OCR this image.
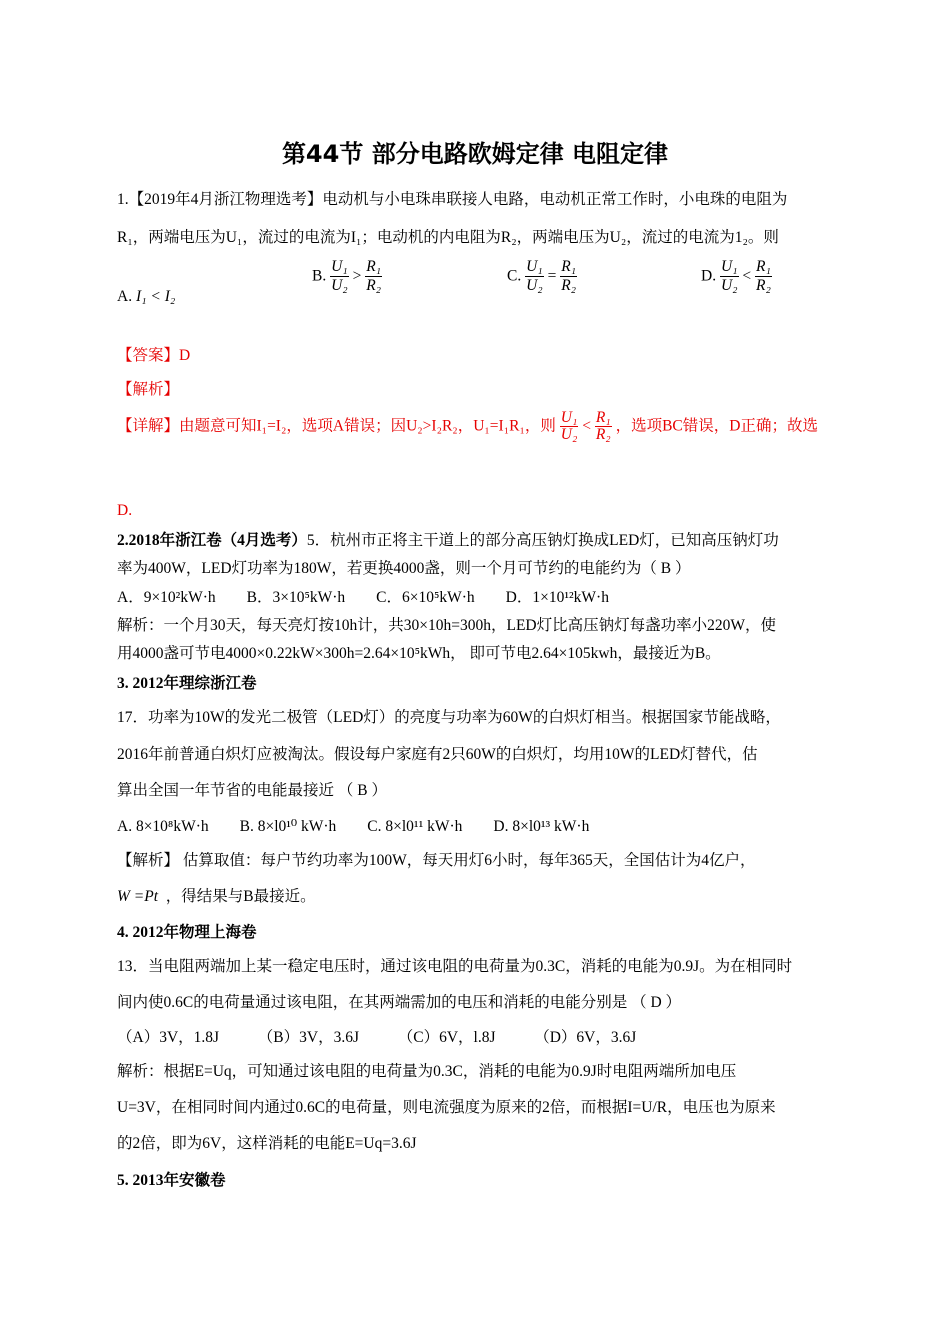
第44节 部分电路欧姆定律 电阻定律
1.【2019年4月浙江物理选考】电动机与小电珠串联接人电路，电动机正常工作时，小电珠的电阻为
R₁，两端电压为U₁，流过的电流为I₁；电动机的内电阻为R₂，两端电压为U₂，流过的电流为1₂。则
A. I₁ < I₂
B. $\frac{\text{U₁}}{\text{U₂}} > \frac{\text{R₁}}{\text{R₂}}$	C. $\frac{\text{U₁}}{\text{U₂}} = \frac{\text{R₁}}{\text{R₂}}$	D. $\frac{\text{U₁}}{\text{U₂}} < \frac{\text{R₁}}{\text{R₂}}$
【答案】D
【解析】
【详解】由题意可知I₁=I₂，选项A错误；因U₂>I₂R₂，U₁=I₁R₁，则 $\frac{\text{U₁}}{\text{U₂}} < \frac{\text{R₁}}{\text{R₂}}$ ，选项BC错误，D正确；故选
D.
2.2018年浙江卷（4月选考）5．杭州市正将主干道上的部分高压钠灯换成LED灯，已知高压钠灯功
率为400W，LED灯功率为180W，若更换4000盏，则一个月可节约的电能约为（ B ）
A．9×10²kW·h　　B．3×10⁵kW·h　　C．6×10⁵kW·h　　D．1×10¹²kW·h
解析：一个月30天，每天亮灯按10h计，共30×10h=300h，LED灯比高压钠灯每盏功率小220W，使
用4000盏可节电4000×0.22kW×300h=2.64×10⁵kWh， 即可节电2.64×105kwh，最接近为B。
3. 2012年理综浙江卷
17．功率为10W的发光二极管（LED灯）的亮度与功率为60W的白炽灯相当。根据国家节能战略，
2016年前普通白炽灯应被淘汰。假设每户家庭有2只60W的白炽灯，均用10W的LED灯替代，估
算出全国一年节省的电能最接近 （ B ）
A. 8×10⁸kW·h　　B. 8×l0¹⁰ kW·h　　C. 8×l0¹¹ kW·h　　D. 8×l0¹³ kW·h
【解析】 估算取值：每户节约功率为100W，每天用灯6小时，每年365天，全国估计为4亿户，
W =Pt ，得结果与B最接近。
4. 2012年物理上海卷
13．当电阻两端加上某一稳定电压时，通过该电阻的电荷量为0.3C，消耗的电能为0.9J。为在相同时
间内使0.6C的电荷量通过该电阻，在其两端需加的电压和消耗的电能分别是 （ D ）
（A）3V，1.8J　　　（B）3V，3.6J　　　（C）6V，l.8J　　　（D）6V，3.6J
解析：根据E=Uq，可知通过该电阻的电荷量为0.3C，消耗的电能为0.9J时电阻两端所加电压
U=3V，在相同时间内通过0.6C的电荷量，则电流强度为原来的2倍，而根据I=U/R，电压也为原来
的2倍，即为6V，这样消耗的电能E=Uq=3.6J
5. 2013年安徽卷
